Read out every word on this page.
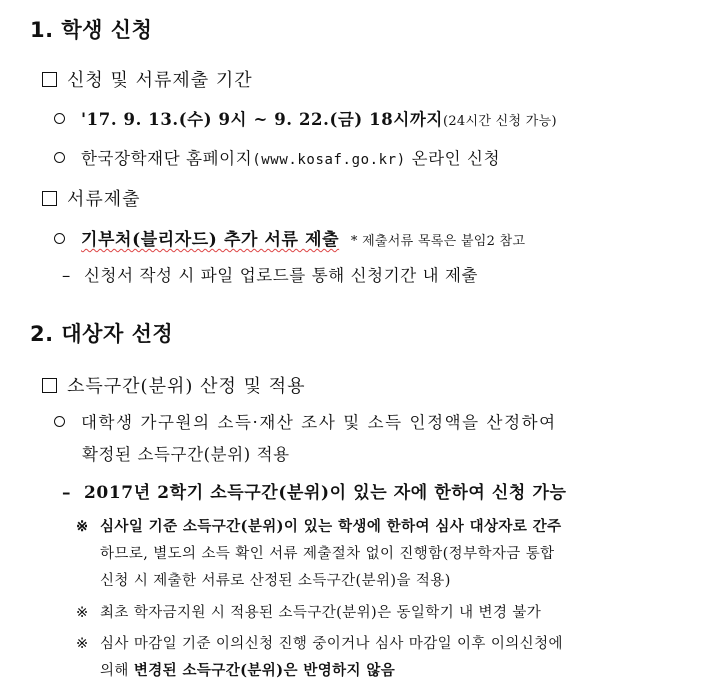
1. 학생 신청
신청 및 서류제출 기간
'17. 9. 13.(수) 9시 ~ 9. 22.(금) 18시까지(24시간 신청 가능)
한국장학재단 홈페이지(www.kosaf.go.kr) 온라인 신청
서류제출
기부처(블리자드) 추가 서류 제출 * 제출서류 목록은 붙임2 참고
– 신청서 작성 시 파일 업로드를 통해 신청기간 내 제출
2. 대상자 선정
소득구간(분위) 산정 및 적용
대학생 가구원의 소득·재산 조사 및 소득 인정액을 산정하여
확정된 소득구간(분위) 적용
– 2017년 2학기 소득구간(분위)이 있는 자에 한하여 신청 가능
※ 심사일 기준 소득구간(분위)이 있는 학생에 한하여 심사 대상자로 간주
하므로, 별도의 소득 확인 서류 제출절차 없이 진행함(정부학자금 통합
신청 시 제출한 서류로 산정된 소득구간(분위)을 적용)
※ 최초 학자금지원 시 적용된 소득구간(분위)은 동일학기 내 변경 불가
※ 심사 마감일 기준 이의신청 진행 중이거나 심사 마감일 이후 이의신청에
의해 변경된 소득구간(분위)은 반영하지 않음
